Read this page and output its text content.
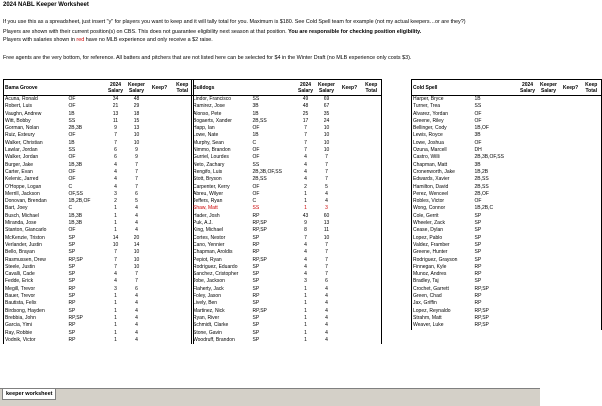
2024 NABL Keeper Worksheet
If you use this as a spreadsheet, just insert "y" for players you want to keep and it will tally total for you. Maximum is $180. See Cold Spell team for example (not my actual keepers…or are they?)
Players are shown with their current position(s) on CBS. This does not guarantee eligibility next season at that position. You are responsible for checking position eligibility.
Players with salaries shown in red have no MLB experience and only receive a $2 raise.
Free agents are the very bottom, for reference. All batters and pitchers that are not listed here can be selected for $4 in the Winter Draft (no MLB experience only costs $3).
Bama Groove		2024
Salary	Keeper
Salary	Keep?	Keep
Total
Acuna, Ronald	OF	34	48		
Robert, Luis	OF	21	29		
Vaughn, Andrew	1B	13	18		
Witt, Bobby	SS	11	15		
Gorman, Nolan	2B,3B	9	13		
Ruiz, Esteury	OF	7	10		
Walker, Christian	1B	7	10		
Lawlar, Jordan	SS	6	9		
Walker, Jordan	OF	6	9		
Burger, Jake	1B,3B	4	7		
Carter, Evan	OF	4	7		
Kelenic, Jarred	OF	4	7		
O'Hoppe, Logan	C	4	7		
Merrill, Jackson	OF,SS	3	6		
Donovan, Brendan	1B,2B,OF	2	5		
Bart, Joey	C	1	4		
Busch, Michael	1B,3B	1	4		
Miranda, Jose	1B,3B	1	4		
Stanton, Giancarlo	OF	1	4		
McKenzie, Triston	SP	14	20		
Verlander, Justin	SP	10	14		
Bello, Brayan	SP	7	10		
Rasmussen, Drew	RP,SP	7	10		
Steele, Justin	SP	7	10		
Cavalli, Cade	SP	4	7		
Fedde, Erick	SP	4	7		
Megill, Trevor	RP	3	6		
Bauer, Trevor	SP	1	4		
Bautista, Felix	RP	1	4		
Birdsong, Hayden	SP	1	4		
Brebbia, John	RP,SP	1	4		
Garcia, Yimi	RP	1	4		
Ray, Robbie	SP	1	4		
Vodnik, Victor	RP	1	4		
Buildogs		2024
Salary	Keeper
Salary	Keep?	Keep
Total
Lindor, Francisco	SS	49	69		
Ramirez, Jose	3B	48	67		
Alonso, Pete	1B	25	35		
Bogaerts, Xander	2B,SS	17	24		
Happ, Ian	OF	7	10		
Lowe, Nate	1B	7	10		
Murphy, Sean	C	7	10		
Nimmo, Brandon	OF	7	10		
Gurriel, Lourdes	OF	4	7		
Neto, Zachary	SS	4	7		
Rengifo, Luis	2B,3B,OF,SS	4	7		
Stott, Bryson	2B,SS	4	7		
Carpenter, Kerry	OF	2	5		
Abreu, Wilyer	OF	1	4		
Jeffers, Ryan	C	1	4		
Shaw, Matt	SS	1	3		
Hader, Josh	RP	43	60		
Puk, A.J.	RP,SP	9	13		
King, Michael	RP,SP	8	11		
Cortes, Nestor	SP	7	10		
Cano, Yennier	RP	4	7		
Chapman, Aroldis	RP	4	7		
Pepiot, Ryan	RP,SP	4	7		
Rodriguez, Eduardo	SP	4	7		
Sanchez, Cristopher	SP	4	7		
Jobe, Jackson	SP	3	6		
Flaherty, Jack	SP	1	4		
Foley, Jason	RP	1	4		
Lively, Ben	SP	1	4		
Martinez, Nick	RP,SP	1	4		
Ryan, River	SP	1	4		
Schmidt, Clarke	SP	1	4		
Stone, Gavin	SP	1	4		
Woodruff, Brandon	SP	1	4		
Cold Spell		2024
Salary	Keeper
Salary	Keep?	Keep
Total
Harper, Bryce	1B				
Turner, Trea	SS				
Alvarez, Yordan	OF				
Greene, Riley	OF				
Bellinger, Cody	1B,OF				
Lewis, Royce	3B				
Lowe, Joshua	OF				
Ozuna, Marcell	DH				
Castro, Willi	2B,3B,OF,SS				
Chapman, Matt	3B				
Cronenworth, Jake	1B,2B				
Edwards, Xavier	2B,SS				
Hamilton, David	2B,SS				
Perez, Wenceel	2B,OF				
Robles, Victor	OF				
Wong, Connor	1B,2B,C				
Cole, Gerrit	SP				
Wheeler, Zack	SP				
Cease, Dylan	SP				
Lopez, Pablo	SP				
Valdez, Framber	SP				
Greene, Hunter	SP				
Rodriguez, Grayson	SP				
Finnegan, Kyle	RP				
Munoz, Andres	RP				
Bradley, Taj	SP				
Crochet, Garrett	RP,SP				
Green, Chad	RP				
Jax, Griffin	RP				
Lopez, Reynaldo	RP,SP				
Strahm, Matt	RP,SP				
Weaver, Luke	RP,SP				
keeper worksheet
